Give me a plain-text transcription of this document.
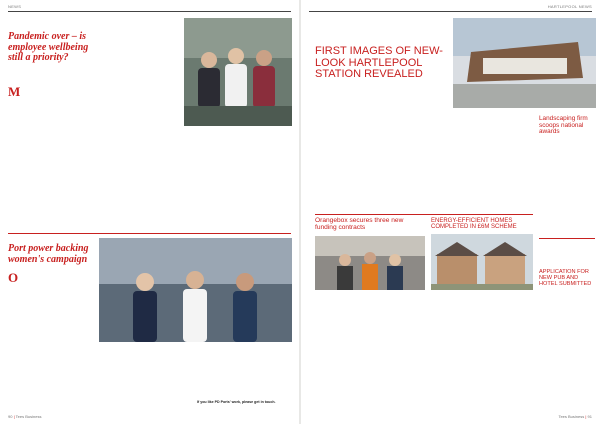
NEWS
Pandemic over – is employee wellbeing still a priority?
M
Port power backing women's campaign
O
If you like PD Ports' work, please get in touch.
90 | Tees Business
HARTLEPOOL NEWS
FIRST IMAGES OF NEW-LOOK HARTLEPOOL STATION REVEALED
Landscaping firm scoops national awards
Orangebox secures three new funding contracts
ENERGY-EFFICIENT HOMES COMPLETED IN £6M SCHEME
APPLICATION FOR NEW PUB AND HOTEL SUBMITTED
Tees Business | 91
